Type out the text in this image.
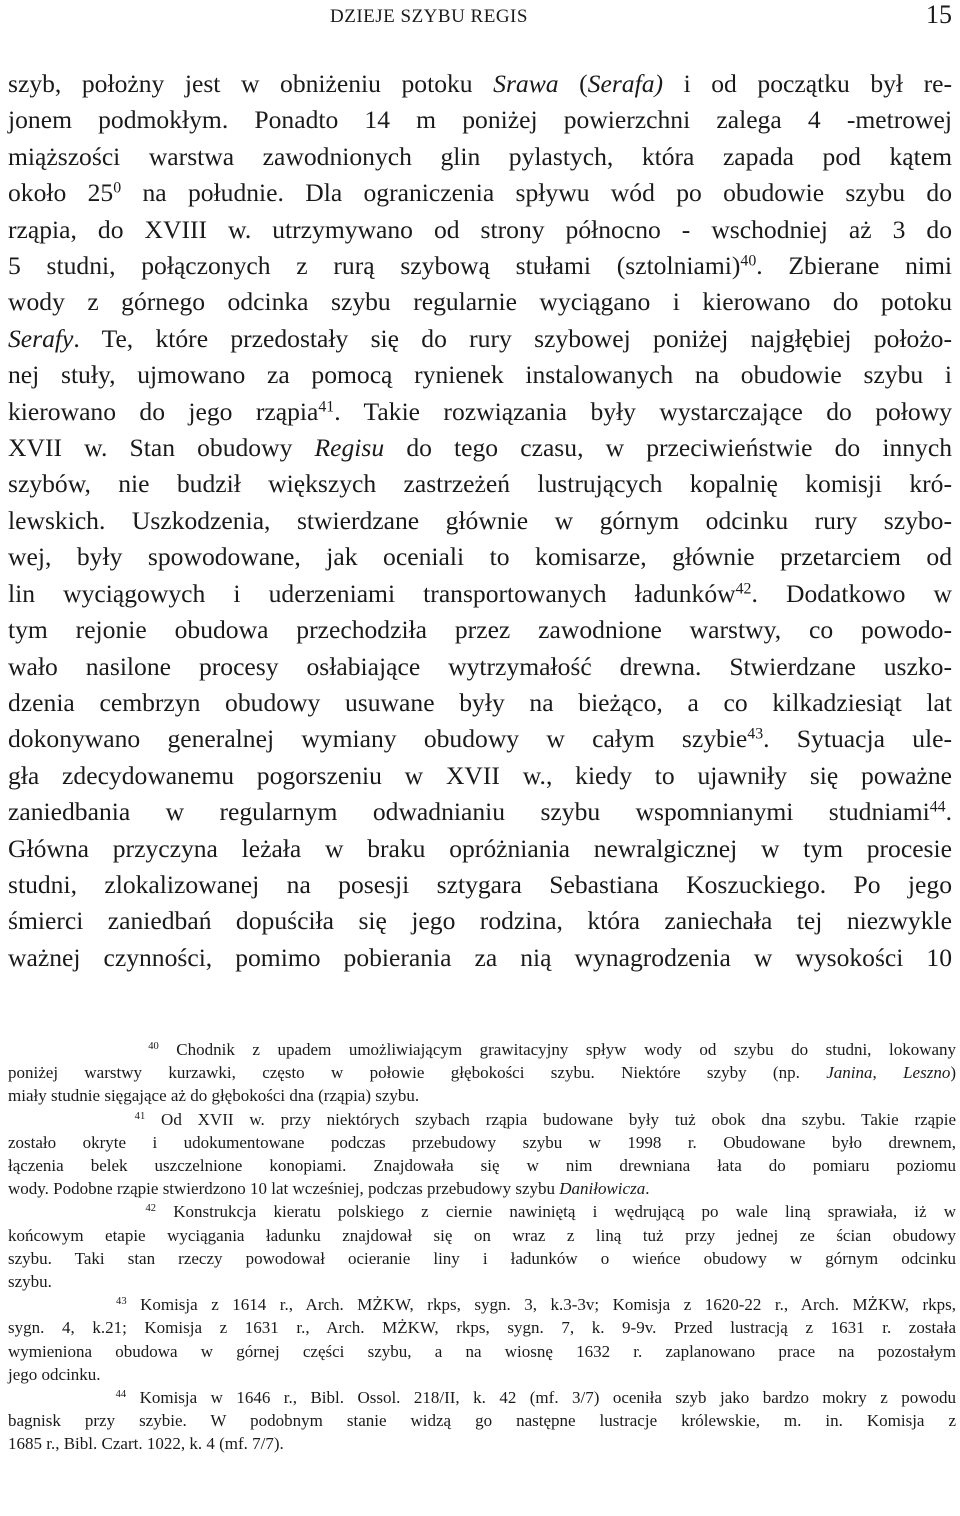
DZIEJE SZYBU REGIS	15
szyb, położny jest w obniżeniu potoku Srawa (Serafa) i od początku był re-
jonem podmokłym. Ponadto 14 m poniżej powierzchni zalega 4 -metrowej
miąższości warstwa zawodnionych glin pylastych, która zapada pod kątem
około $25^0$ na południe. Dla ograniczenia spływu wód po obudowie szybu do
rząpia, do XVIII w. utrzymywano od strony północno - wschodniej aż 3 do
5 studni, połączonych z rurą szybową stułami (sztolniami)$^{40}$. Zbierane nimi
wody z górnego odcinka szybu regularnie wyciągano i kierowano do potoku
Serafy. Te, które przedostały się do rury szybowej poniżej najgłębiej położo-
nej stuły, ujmowano za pomocą rynienek instalowanych na obudowie szybu i
kierowano do jego rząpia$^{41}$. Takie rozwiązania były wystarczające do połowy
XVII w. Stan obudowy Regisu do tego czasu, w przeciwieństwie do innych
szybów, nie budził większych zastrzeżeń lustrujących kopalnię komisji kró-
lewskich. Uszkodzenia, stwierdzane głównie w górnym odcinku rury szybo-
wej, były spowodowane, jak oceniali to komisarze, głównie przetarciem od
lin wyciągowych i uderzeniami transportowanych ładunków$^{42}$. Dodatkowo w
tym rejonie obudowa przechodziła przez zawodnione warstwy, co powodo-
wało nasilone procesy osłabiające wytrzymałość drewna. Stwierdzane uszko-
dzenia cembrzyn obudowy usuwane były na bieżąco, a co kilkadziesiąt lat
dokonywano generalnej wymiany obudowy w całym szybie$^{43}$. Sytuacja ule-
gła zdecydowanemu pogorszeniu w XVII w., kiedy to ujawniły się poważne
zaniedbania w regularnym odwadnianiu szybu wspomnianymi studniami$^{44}$.
Główna przyczyna leżała w braku opróżniania newralgicznej w tym procesie
studni, zlokalizowanej na posesji sztygara Sebastiana Koszuckiego. Po jego
śmierci zaniedbań dopuściła się jego rodzina, która zaniechała tej niezwykle
ważnej czynności, pomimo pobierania za nią wynagrodzenia w wysokości 10
$^{40}$ Chodnik z upadem umożliwiającym grawitacyjny spływ wody od szybu do studni, lokowany
poniżej warstwy kurzawki, często w połowie głębokości szybu. Niektóre szyby (np. Janina, Leszno)
miały studnie sięgające aż do głębokości dna (rząpia) szybu.
$^{41}$ Od XVII w. przy niektórych szybach rząpia budowane były tuż obok dna szybu. Takie rząpie
zostało okryte i udokumentowane podczas przebudowy szybu w 1998 r. Obudowane było drewnem,
łączenia belek uszczelnione konopiami. Znajdowała się w nim drewniana łata do pomiaru poziomu
wody. Podobne rząpie stwierdzono 10 lat wcześniej, podczas przebudowy szybu Daniłowicza.
$^{42}$ Konstrukcja kieratu polskiego z ciernie nawiniętą i wędrującą po wale liną sprawiała, iż w
końcowym etapie wyciągania ładunku znajdował się on wraz z liną tuż przy jednej ze ścian obudowy
szybu. Taki stan rzeczy powodował ocieranie liny i ładunków o wieńce obudowy w górnym odcinku
szybu.
$^{43}$ Komisja z 1614 r., Arch. MŻKW, rkps, sygn. 3, k.3-3v; Komisja z 1620-22 r., Arch. MŻKW, rkps,
sygn. 4, k.21; Komisja z 1631 r., Arch. MŻKW, rkps, sygn. 7, k. 9-9v. Przed lustracją z 1631 r. została
wymieniona obudowa w górnej części szybu, a na wiosnę 1632 r. zaplanowano prace na pozostałym
jego odcinku.
$^{44}$ Komisja w 1646 r., Bibl. Ossol. 218/II, k. 42 (mf. 3/7) oceniła szyb jako bardzo mokry z powodu
bagnisk przy szybie. W podobnym stanie widzą go następne lustracje królewskie, m. in. Komisja z
1685 r., Bibl. Czart. 1022, k. 4 (mf. 7/7).
